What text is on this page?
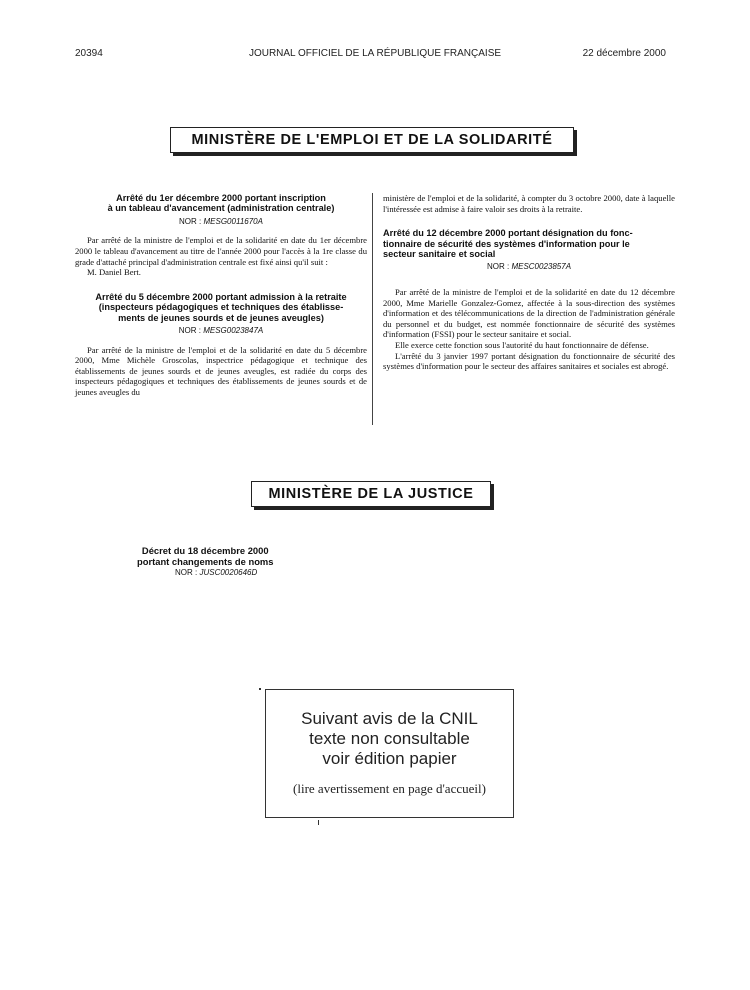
20394	JOURNAL OFFICIEL DE LA RÉPUBLIQUE FRANÇAISE	22 décembre 2000
MINISTÈRE DE L'EMPLOI ET DE LA SOLIDARITÉ
Arrêté du 1er décembre 2000 portant inscription
à un tableau d'avancement (administration centrale)
NOR : MESG0011670A

Par arrêté de la ministre de l'emploi et de la solidarité en date du 1er décembre 2000 le tableau d'avancement au titre de l'année 2000 pour l'accès à la 1re classe du grade d'attaché principal d'administration centrale est fixé ainsi qu'il suit :

M. Daniel Bert.

Arrêté du 5 décembre 2000 portant admission à la retraite
(inspecteurs pédagogiques et techniques des établisse-
ments de jeunes sourds et de jeunes aveugles)
NOR : MESG0023847A

Par arrêté de la ministre de l'emploi et de la solidarité en date du 5 décembre 2000, Mme Michèle Groscolas, inspectrice pédagogique et technique des établissements de jeunes sourds et de jeunes aveugles, est radiée du corps des inspecteurs pédagogiques et techniques des établissements de jeunes sourds et de jeunes aveugles du

ministère de l'emploi et de la solidarité, à compter du 3 octobre 2000, date à laquelle l'intéressée est admise à faire valoir ses droits à la retraite.

Arrêté du 12 décembre 2000 portant désignation du fonc-
tionnaire de sécurité des systèmes d'information pour le
secteur sanitaire et social
NOR : MESC0023857A

Par arrêté de la ministre de l'emploi et de la solidarité en date du 12 décembre 2000, Mme Marielle Gonzalez-Gomez, affectée à la sous-direction des systèmes d'information et des télécommunications de la direction de l'administration générale du personnel et du budget, est nommée fonctionnaire de sécurité des systèmes d'information (FSSI) pour le secteur sanitaire et social.

Elle exerce cette fonction sous l'autorité du haut fonctionnaire de défense.

L'arrêté du 3 janvier 1997 portant désignation du fonctionnaire de sécurité des systèmes d'information pour le secteur des affaires sanitaires et sociales est abrogé.

MINISTÈRE DE LA JUSTICE
Décret du 18 décembre 2000
portant changements de noms
NOR : JUSC0020646D
Suivant avis de la CNIL
texte non consultable
voir édition papier
(lire avertissement en page d'accueil)
